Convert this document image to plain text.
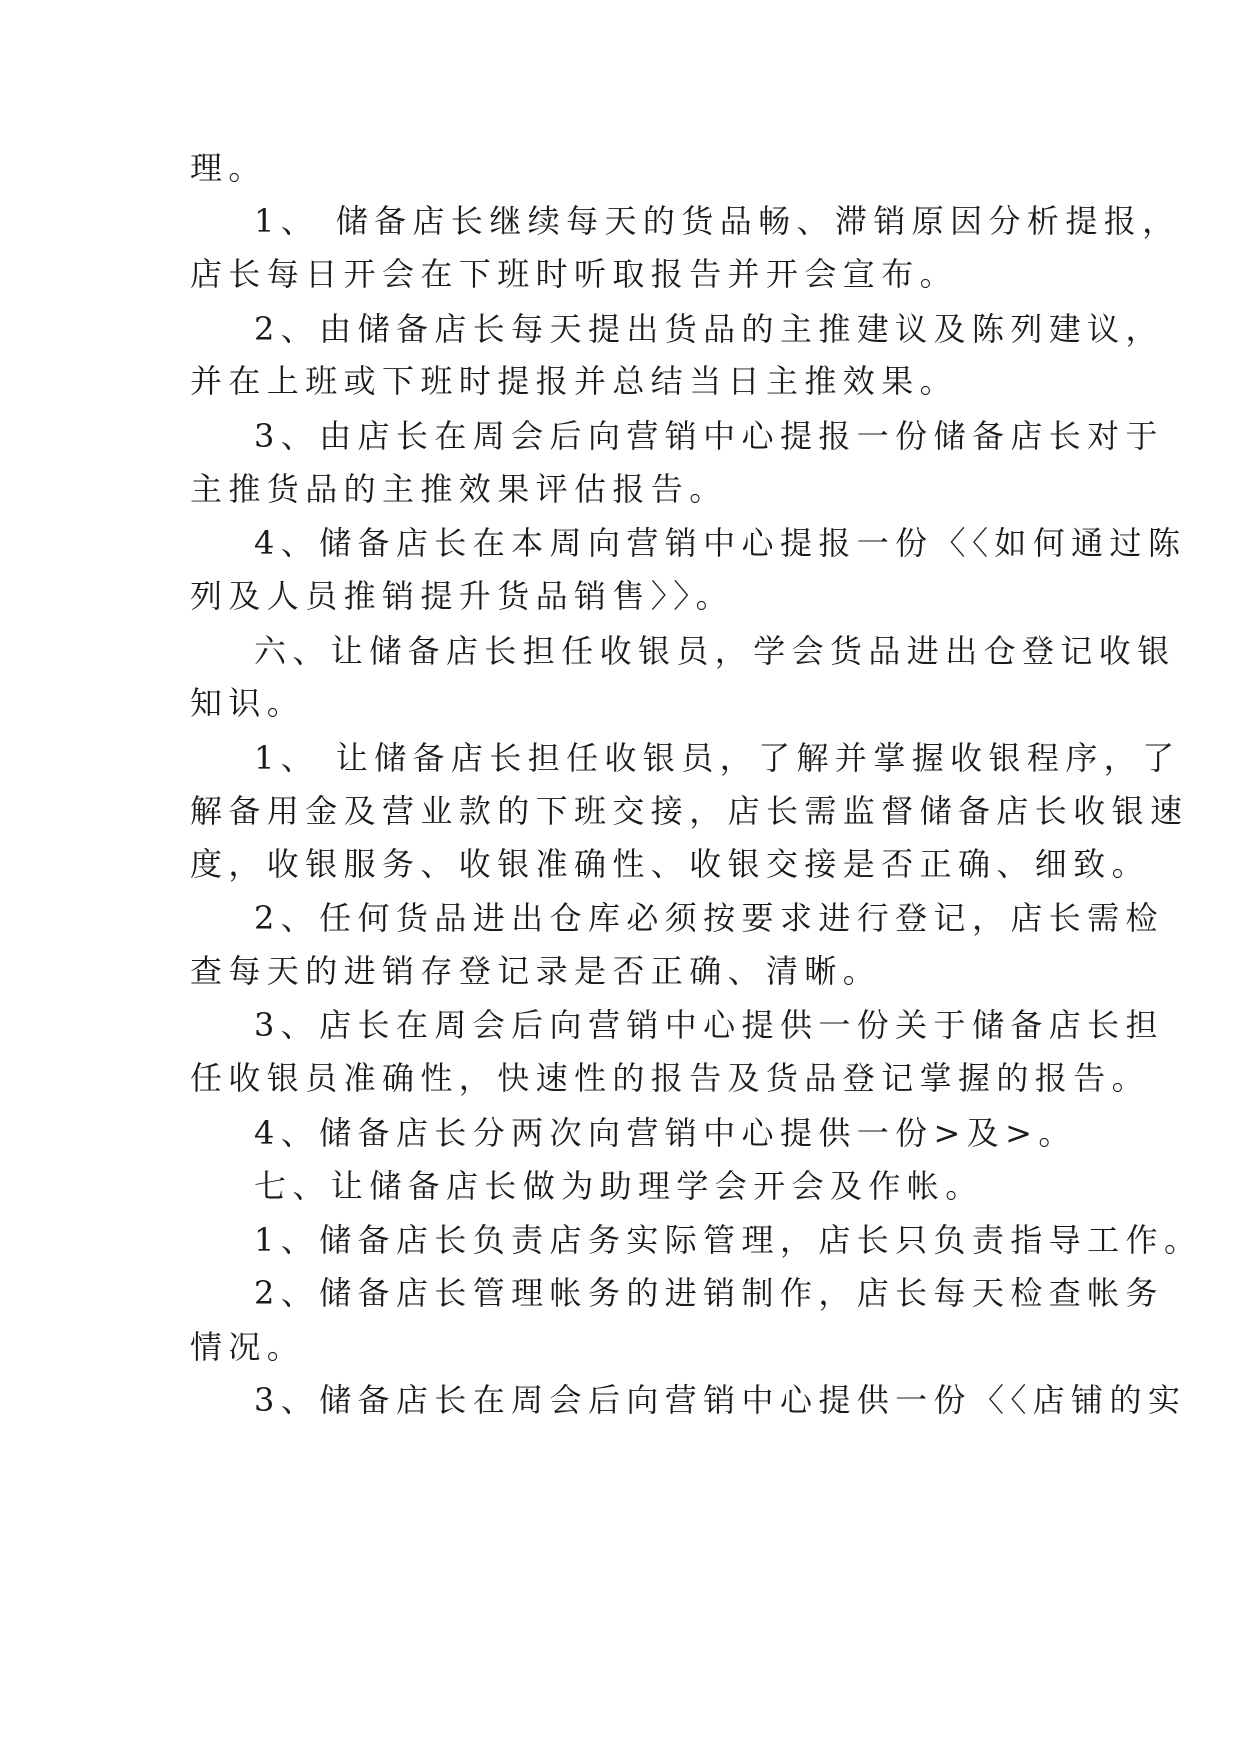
理。
1、 储备店长继续每天的货品畅、滞销原因分析提报，
店长每日开会在下班时听取报告并开会宣布。
2、由储备店长每天提出货品的主推建议及陈列建议，
并在上班或下班时提报并总结当日主推效果。
3、由店长在周会后向营销中心提报一份储备店长对于
主推货品的主推效果评估报告。
4、储备店长在本周向营销中心提报一份〈〈如何通过陈
列及人员推销提升货品销售〉〉。
六、让储备店长担任收银员，学会货品进出仓登记收银
知识。
1、 让储备店长担任收银员，了解并掌握收银程序，了
解备用金及营业款的下班交接，店长需监督储备店长收银速
度，收银服务、收银准确性、收银交接是否正确、细致。
2、任何货品进出仓库必须按要求进行登记，店长需检
查每天的进销存登记录是否正确、清晰。
3、店长在周会后向营销中心提供一份关于储备店长担
任收银员准确性，快速性的报告及货品登记掌握的报告。
4、储备店长分两次向营销中心提供一份>及>。
七、让储备店长做为助理学会开会及作帐。
1、储备店长负责店务实际管理，店长只负责指导工作。
2、储备店长管理帐务的进销制作，店长每天检查帐务
情况。
3、储备店长在周会后向营销中心提供一份〈〈店铺的实
